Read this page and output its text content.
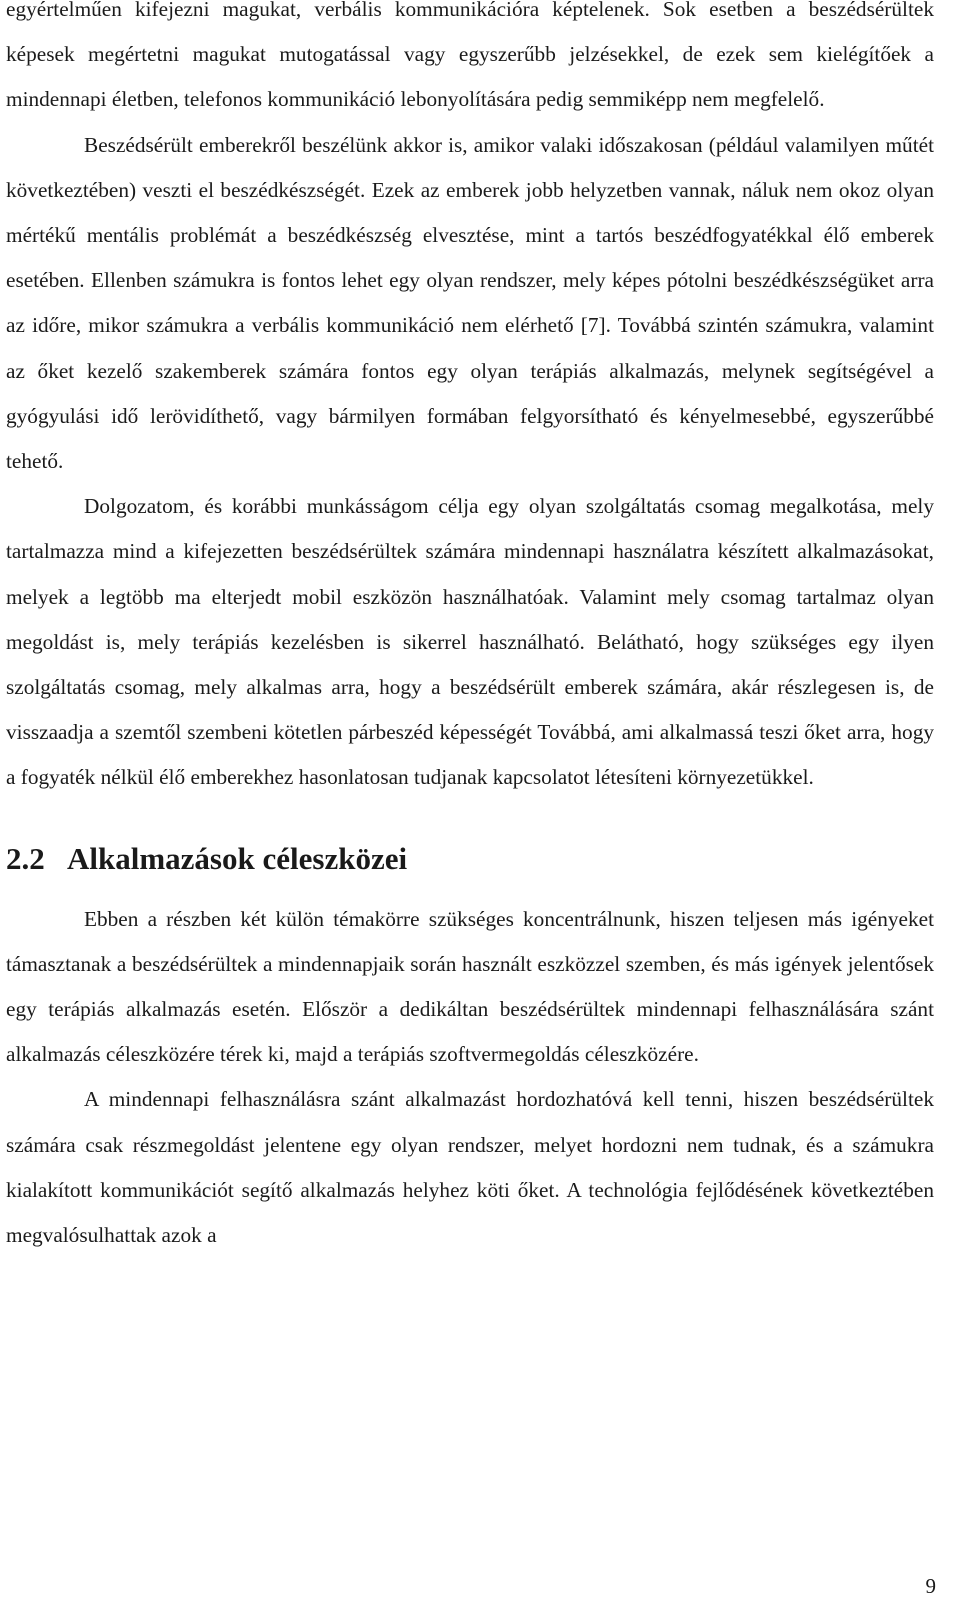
egyértelműen kifejezni magukat, verbális kommunikációra képtelenek. Sok esetben a beszédsérültek képesek megértetni magukat mutogatással vagy egyszerűbb jelzésekkel, de ezek sem kielégítőek a mindennapi életben, telefonos kommunikáció lebonyolítására pedig semmiképp nem megfelelő.

Beszédsérült emberekről beszélünk akkor is, amikor valaki időszakosan (például valamilyen műtét következtében) veszti el beszédkészségét. Ezek az emberek jobb helyzetben vannak, náluk nem okoz olyan mértékű mentális problémát a beszédkészség elvesztése, mint a tartós beszédfogyatékkal élő emberek esetében. Ellenben számukra is fontos lehet egy olyan rendszer, mely képes pótolni beszédkészségüket arra az időre, mikor számukra a verbális kommunikáció nem elérhető [7]. Továbbá szintén számukra, valamint az őket kezelő szakemberek számára fontos egy olyan terápiás alkalmazás, melynek segítségével a gyógyulási idő lerövidíthető, vagy bármilyen formában felgyorsítható és kényelmesebbé, egyszerűbbé tehető.

Dolgozatom, és korábbi munkásságom célja egy olyan szolgáltatás csomag megalkotása, mely tartalmazza mind a kifejezetten beszédsérültek számára mindennapi használatra készített alkalmazásokat, melyek a legtöbb ma elterjedt mobil eszközön használhatóak. Valamint mely csomag tartalmaz olyan megoldást is, mely terápiás kezelésben is sikerrel használható. Belátható, hogy szükséges egy ilyen szolgáltatás csomag, mely alkalmas arra, hogy a beszédsérült emberek számára, akár részlegesen is, de visszaadja a szemtől szembeni kötetlen párbeszéd képességét Továbbá, ami alkalmassá teszi őket arra, hogy a fogyaték nélkül élő emberekhez hasonlatosan tudjanak kapcsolatot létesíteni környezetükkel.

2.2 Alkalmazások céleszközei

Ebben a részben két külön témakörre szükséges koncentrálnunk, hiszen teljesen más igényeket támasztanak a beszédsérültek a mindennapjaik során használt eszközzel szemben, és más igények jelentősek egy terápiás alkalmazás esetén. Először a dedikáltan beszédsérültek mindennapi felhasználására szánt alkalmazás céleszközére térek ki, majd a terápiás szoftvermegoldás céleszközére.

A mindennapi felhasználásra szánt alkalmazást hordozhatóvá kell tenni, hiszen beszédsérültek számára csak részmegoldást jelentene egy olyan rendszer, melyet hordozni nem tudnak, és a számukra kialakított kommunikációt segítő alkalmazás helyhez köti őket. A technológia fejlődésének következtében megvalósulhattak azok a

9
